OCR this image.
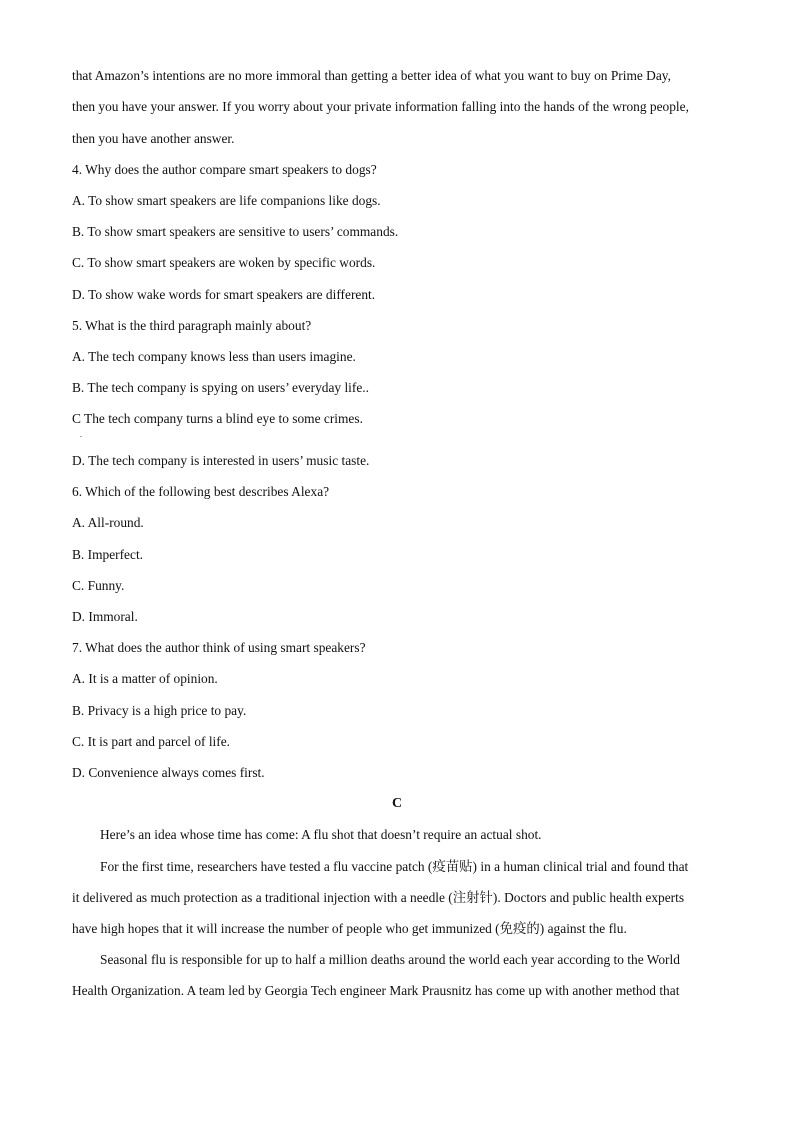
that Amazon’s intentions are no more immoral than getting a better idea of what you want to buy on Prime Day,
then you have your answer. If you worry about your private information falling into the hands of the wrong people,
then you have another answer.
4. Why does the author compare smart speakers to dogs?
A. To show smart speakers are life companions like dogs.
B. To show smart speakers are sensitive to users’ commands.
C. To show smart speakers are woken by specific words.
D. To show wake words for smart speakers are different.
5. What is the third paragraph mainly about?
A. The tech company knows less than users imagine.
B. The tech company is spying on users’ everyday life..
C The tech company turns a blind eye to some crimes.
.
D. The tech company is interested in users’ music taste.
6. Which of the following best describes Alexa?
A. All-round.
B. Imperfect.
C. Funny.
D. Immoral.
7. What does the author think of using smart speakers?
A. It is a matter of opinion.
B. Privacy is a high price to pay.
C. It is part and parcel of life.
D. Convenience always comes first.
C
Here’s an idea whose time has come: A flu shot that doesn’t require an actual shot.
For the first time, researchers have tested a flu vaccine patch (疫苗贴) in a human clinical trial and found that
it delivered as much protection as a traditional injection with a needle (注射针). Doctors and public health experts
have high hopes that it will increase the number of people who get immunized (免疫的) against the flu.
Seasonal flu is responsible for up to half a million deaths around the world each year according to the World
Health Organization. A team led by Georgia Tech engineer Mark Prausnitz has come up with another method that
